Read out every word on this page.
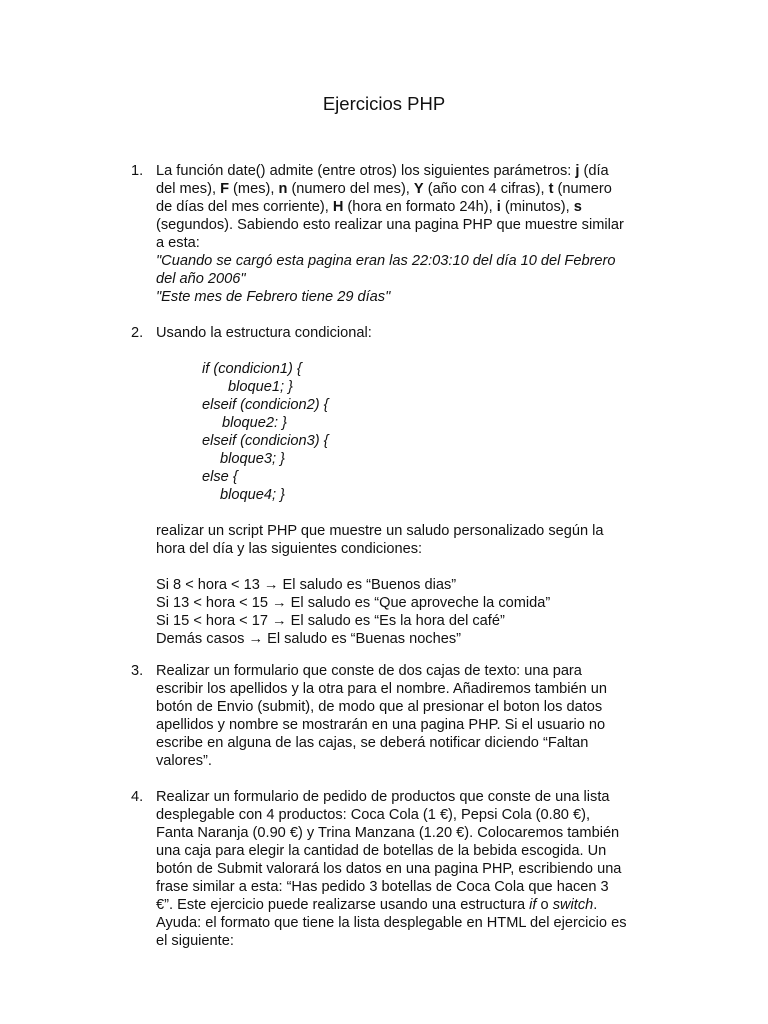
Ejercicios PHP
1. La función date() admite (entre otros) los siguientes parámetros: j (día
del mes), F (mes), n (numero del mes), Y (año con 4 cifras), t (numero
de días del mes corriente), H (hora en formato 24h), i (minutos), s
(segundos). Sabiendo esto realizar una pagina PHP que muestre similar
a esta:
"Cuando se cargó esta pagina eran las 22:03:10 del día 10 del Febrero
del año 2006"
"Este mes de Febrero tiene 29 días"
2. Usando la estructura condicional:
if (condicion1) {
bloque1; }
elseif (condicion2) {
bloque2: }
elseif (condicion3) {
bloque3; }
else {
bloque4; }
realizar un script PHP que muestre un saludo personalizado según la
hora del día y las siguientes condiciones:
Si 8 < hora < 13 → El saludo es “Buenos dias”
Si 13 < hora < 15 → El saludo es “Que aproveche la comida”
Si 15 < hora < 17 → El saludo es “Es la hora del café”
Demás casos → El saludo es “Buenas noches”
3. Realizar un formulario que conste de dos cajas de texto: una para
escribir los apellidos y la otra para el nombre. Añadiremos también un
botón de Envio (submit), de modo que al presionar el boton los datos
apellidos y nombre se mostrarán en una pagina PHP. Si el usuario no
escribe en alguna de las cajas, se deberá notificar diciendo “Faltan
valores”.
4. Realizar un formulario de pedido de productos que conste de una lista
desplegable con 4 productos: Coca Cola (1 €), Pepsi Cola (0.80 €),
Fanta Naranja (0.90 €) y Trina Manzana (1.20 €). Colocaremos también
una caja para elegir la cantidad de botellas de la bebida escogida. Un
botón de Submit valorará los datos en una pagina PHP, escribiendo una
frase similar a esta: “Has pedido 3 botellas de Coca Cola que hacen 3
€”. Este ejercicio puede realizarse usando una estructura if o switch.
Ayuda: el formato que tiene la lista desplegable en HTML del ejercicio es
el siguiente:
